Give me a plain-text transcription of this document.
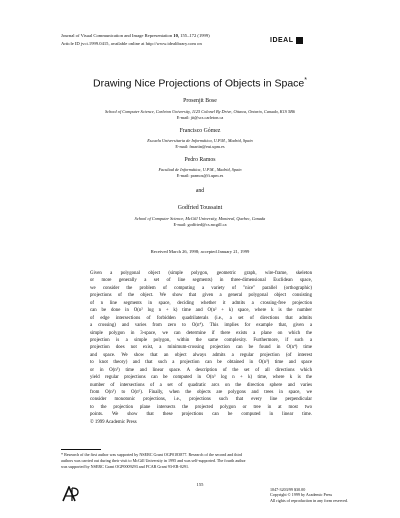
Journal of Visual Communication and Image Representation 10, 155–172 (1999)
Article ID jvci.1999.0415, available online at http://www.idealibrary.com on	IDEAL
Drawing Nice Projections of Objects in Space*
Prosenjit Bose
School of Computer Science, Carleton University, 1125 Colonel By Drive, Ottawa, Ontario, Canada, K1S 5B6
E-mail: jit@scs.carleton.ca
Francisco Gómez
Escuela Universitaria de Informática, U.P.M., Madrid, Spain
E-mail: fmartin@eui.upm.es
Pedro Ramos
Facultad de Informática, U.P.M., Madrid, Spain
E-mail: pramos@fi.upm.es
and
Godfried Toussaint
School of Computer Science, McGill University, Montreal, Quebec, Canada
E-mail: godfried@cs.mcgill.ca
Received March 26, 1998; accepted January 21, 1999
Given a polygonal object (simple polygon, geometric graph, wire-frame, skeleton
or more generally a set of line segments) in three-dimensional Euclidean space,
we consider the problem of computing a variety of "nice" parallel (orthographic)
projections of the object. We show that given a general polygonal object consisting
of n line segments in space, deciding whether it admits a crossing-free projection
can be done in O(n² log n + k) time and O(n² + k) space, where k is the number
of edge intersections of forbidden quadrilaterals (i.e., a set of directions that admits
a crossing) and varies from zero to O(n⁴). This implies for example that, given a
simple polygon in 3-space, we can determine if there exists a plane on which the
projection is a simple polygon, within the same complexity. Furthermore, if such a
projection does not exist, a minimum-crossing projection can be found in O(n⁴) time
and space. We show that an object always admits a regular projection (of interest
to knot theory) and that such a projection can be obtained in O(n³) time and space
or in O(n³) time and linear space. A description of the set of all directions which
yield regular projections can be computed in O(n³ log n + k) time, where k is the
number of intersections of a set of quadratic arcs on the direction sphere and varies
from O(n³) to O(n⁶). Finally, when the objects are polygons and trees in space, we
consider monotonic projections, i.e., projections such that every line perpendicular
to the projection plane intersects the projected polygon or tree in at most two
points. We show that these projections can be computed in linear time.
© 1999 Academic Press
* Research of the first author was supported by NSERC Grant OGP0183877. Research of the second and third
authors was carried out during their visit to McGill University in 1995 and was self-supported. The fourth author
was supported by NSERC Grant OGP0009293 and FCAR Grant 93-ER-0291.
155
1047-3203/99 $30.00
Copyright © 1999 by Academic Press
All rights of reproduction in any form reserved.
